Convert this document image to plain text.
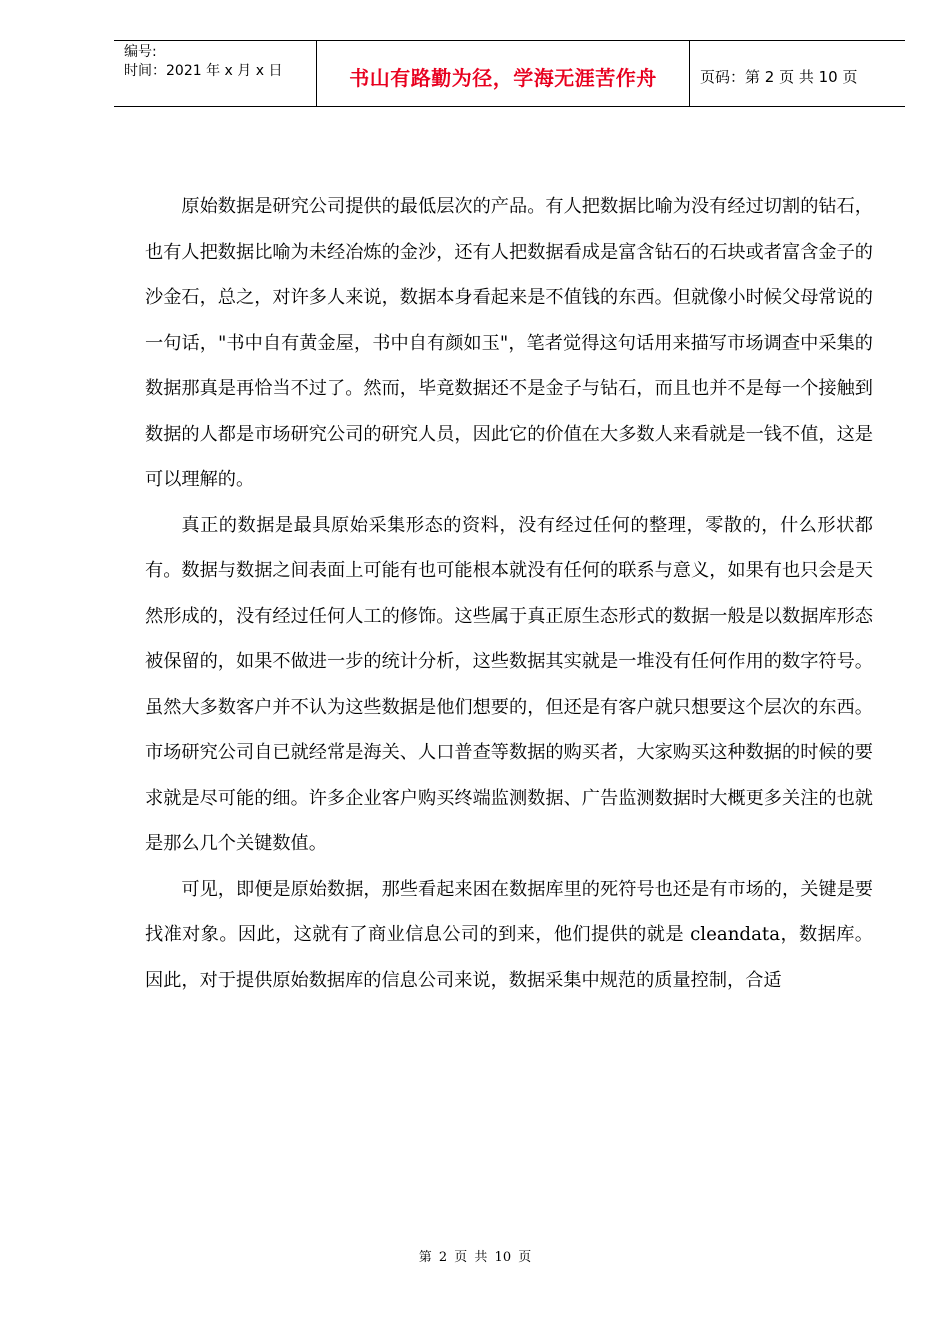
编号:
时间：2021 年 x 月 x 日	书山有路勤为径，学海无涯苦作舟	页码：第 2 页 共 10 页

原始数据是研究公司提供的最低层次的产品。有人把数据比喻为没有经过切割的钻石，也有人把数据比喻为未经冶炼的金沙，还有人把数据看成是富含钻石的石块或者富含金子的沙金石，总之，对许多人来说，数据本身看起来是不值钱的东西。但就像小时候父母常说的一句话，"书中自有黄金屋，书中自有颜如玉"，笔者觉得这句话用来描写市场调查中采集的数据那真是再恰当不过了。然而，毕竟数据还不是金子与钻石，而且也并不是每一个接触到数据的人都是市场研究公司的研究人员，因此它的价值在大多数人来看就是一钱不值，这是可以理解的。

真正的数据是最具原始采集形态的资料，没有经过任何的整理，零散的，什么形状都有。数据与数据之间表面上可能有也可能根本就没有任何的联系与意义，如果有也只会是天然形成的，没有经过任何人工的修饰。这些属于真正原生态形式的数据一般是以数据库形态被保留的，如果不做进一步的统计分析，这些数据其实就是一堆没有任何作用的数字符号。虽然大多数客户并不认为这些数据是他们想要的，但还是有客户就只想要这个层次的东西。市场研究公司自已就经常是海关、人口普查等数据的购买者，大家购买这种数据的时候的要求就是尽可能的细。许多企业客户购买终端监测数据、广告监测数据时大概更多关注的也就是那么几个关键数值。

可见，即便是原始数据，那些看起来困在数据库里的死符号也还是有市场的，关键是要找准对象。因此，这就有了商业信息公司的到来，他们提供的就是 cleandata，数据库。因此，对于提供原始数据库的信息公司来说，数据采集中规范的质量控制，合适

第 2 页 共 10 页
